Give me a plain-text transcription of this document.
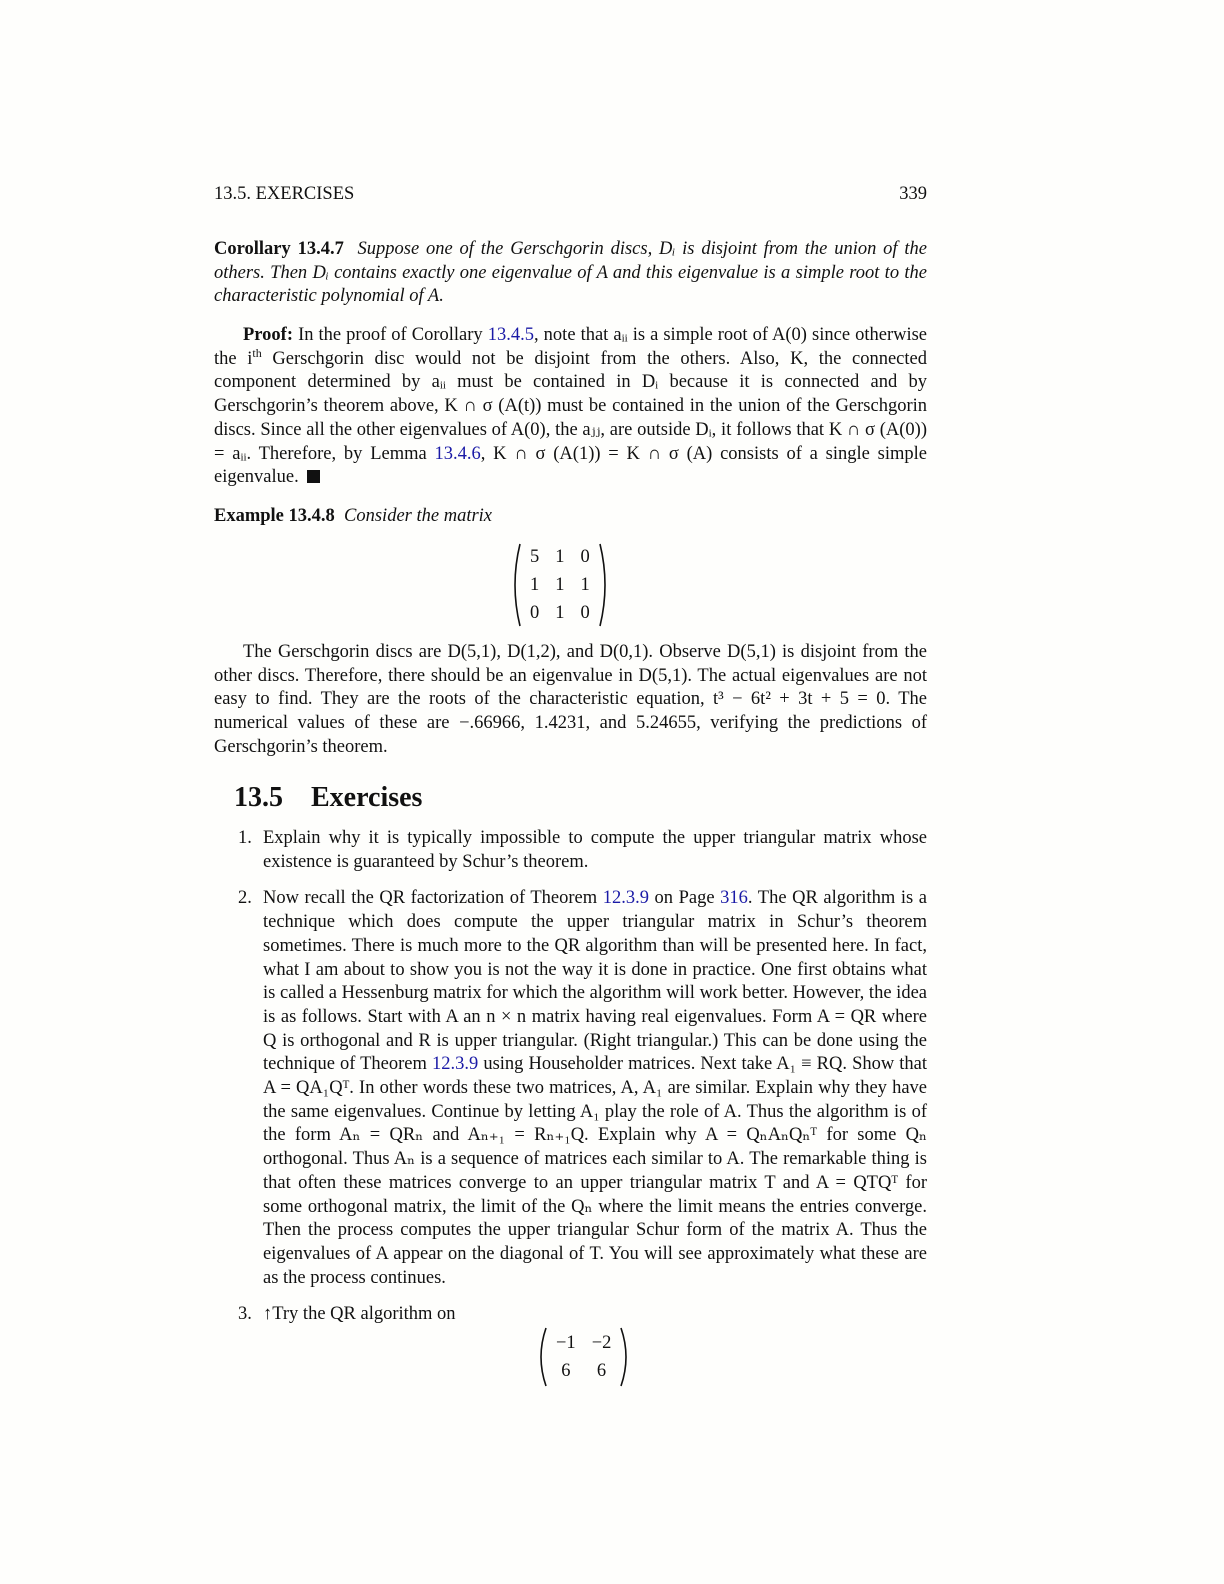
13.5. EXERCISES	339

Corollary 13.4.7 Suppose one of the Gerschgorin discs, Dᵢ is disjoint from the union of the others. Then Dᵢ contains exactly one eigenvalue of A and this eigenvalue is a simple root to the characteristic polynomial of A.

Proof: In the proof of Corollary 13.4.5, note that aᵢᵢ is a simple root of A(0) since otherwise the $i^{th}$ Gerschgorin disc would not be disjoint from the others. Also, K, the connected component determined by aᵢᵢ must be contained in Dᵢ because it is connected and by Gerschgorin’s theorem above, K ∩ σ (A(t)) must be contained in the union of the Gerschgorin discs. Since all the other eigenvalues of A(0), the aⱼⱼ, are outside Dᵢ, it follows that K ∩ σ (A(0)) = aᵢᵢ. Therefore, by Lemma 13.4.6, K ∩ σ (A(1)) = K ∩ σ (A) consists of a single simple eigenvalue.

Example 13.4.8 Consider the matrix

5	1	0
1	1	1
0	1	0

The Gerschgorin discs are D(5,1), D(1,2), and D(0,1). Observe D(5,1) is disjoint from the other discs. Therefore, there should be an eigenvalue in D(5,1). The actual eigenvalues are not easy to find. They are the roots of the characteristic equation, t³ − 6t² + 3t + 5 = 0. The numerical values of these are −.66966, 1.4231, and 5.24655, verifying the predictions of Gerschgorin’s theorem.

13.5 Exercises
1. Explain why it is typically impossible to compute the upper triangular matrix whose existence is guaranteed by Schur’s theorem.

2. Now recall the QR factorization of Theorem 12.3.9 on Page 316. The QR algorithm is a technique which does compute the upper triangular matrix in Schur’s theorem sometimes. There is much more to the QR algorithm than will be presented here. In fact, what I am about to show you is not the way it is done in practice. One first obtains what is called a Hessenburg matrix for which the algorithm will work better. However, the idea is as follows. Start with A an n × n matrix having real eigenvalues. Form A = QR where Q is orthogonal and R is upper triangular. (Right triangular.) This can be done using the technique of Theorem 12.3.9 using Householder matrices. Next take A₁ ≡ RQ. Show that A = QA₁Qᵀ. In other words these two matrices, A, A₁ are similar. Explain why they have the same eigenvalues. Continue by letting A₁ play the role of A. Thus the algorithm is of the form Aₙ = QRₙ and Aₙ₊₁ = Rₙ₊₁Q. Explain why A = QₙAₙQₙᵀ for some Qₙ orthogonal. Thus Aₙ is a sequence of matrices each similar to A. The remarkable thing is that often these matrices converge to an upper triangular matrix T and A = QTQᵀ for some orthogonal matrix, the limit of the Qₙ where the limit means the entries converge. Then the process computes the upper triangular Schur form of the matrix A. Thus the eigenvalues of A appear on the diagonal of T. You will see approximately what these are as the process continues.

3. ↑Try the QR algorithm on

−1	−2
6	6
